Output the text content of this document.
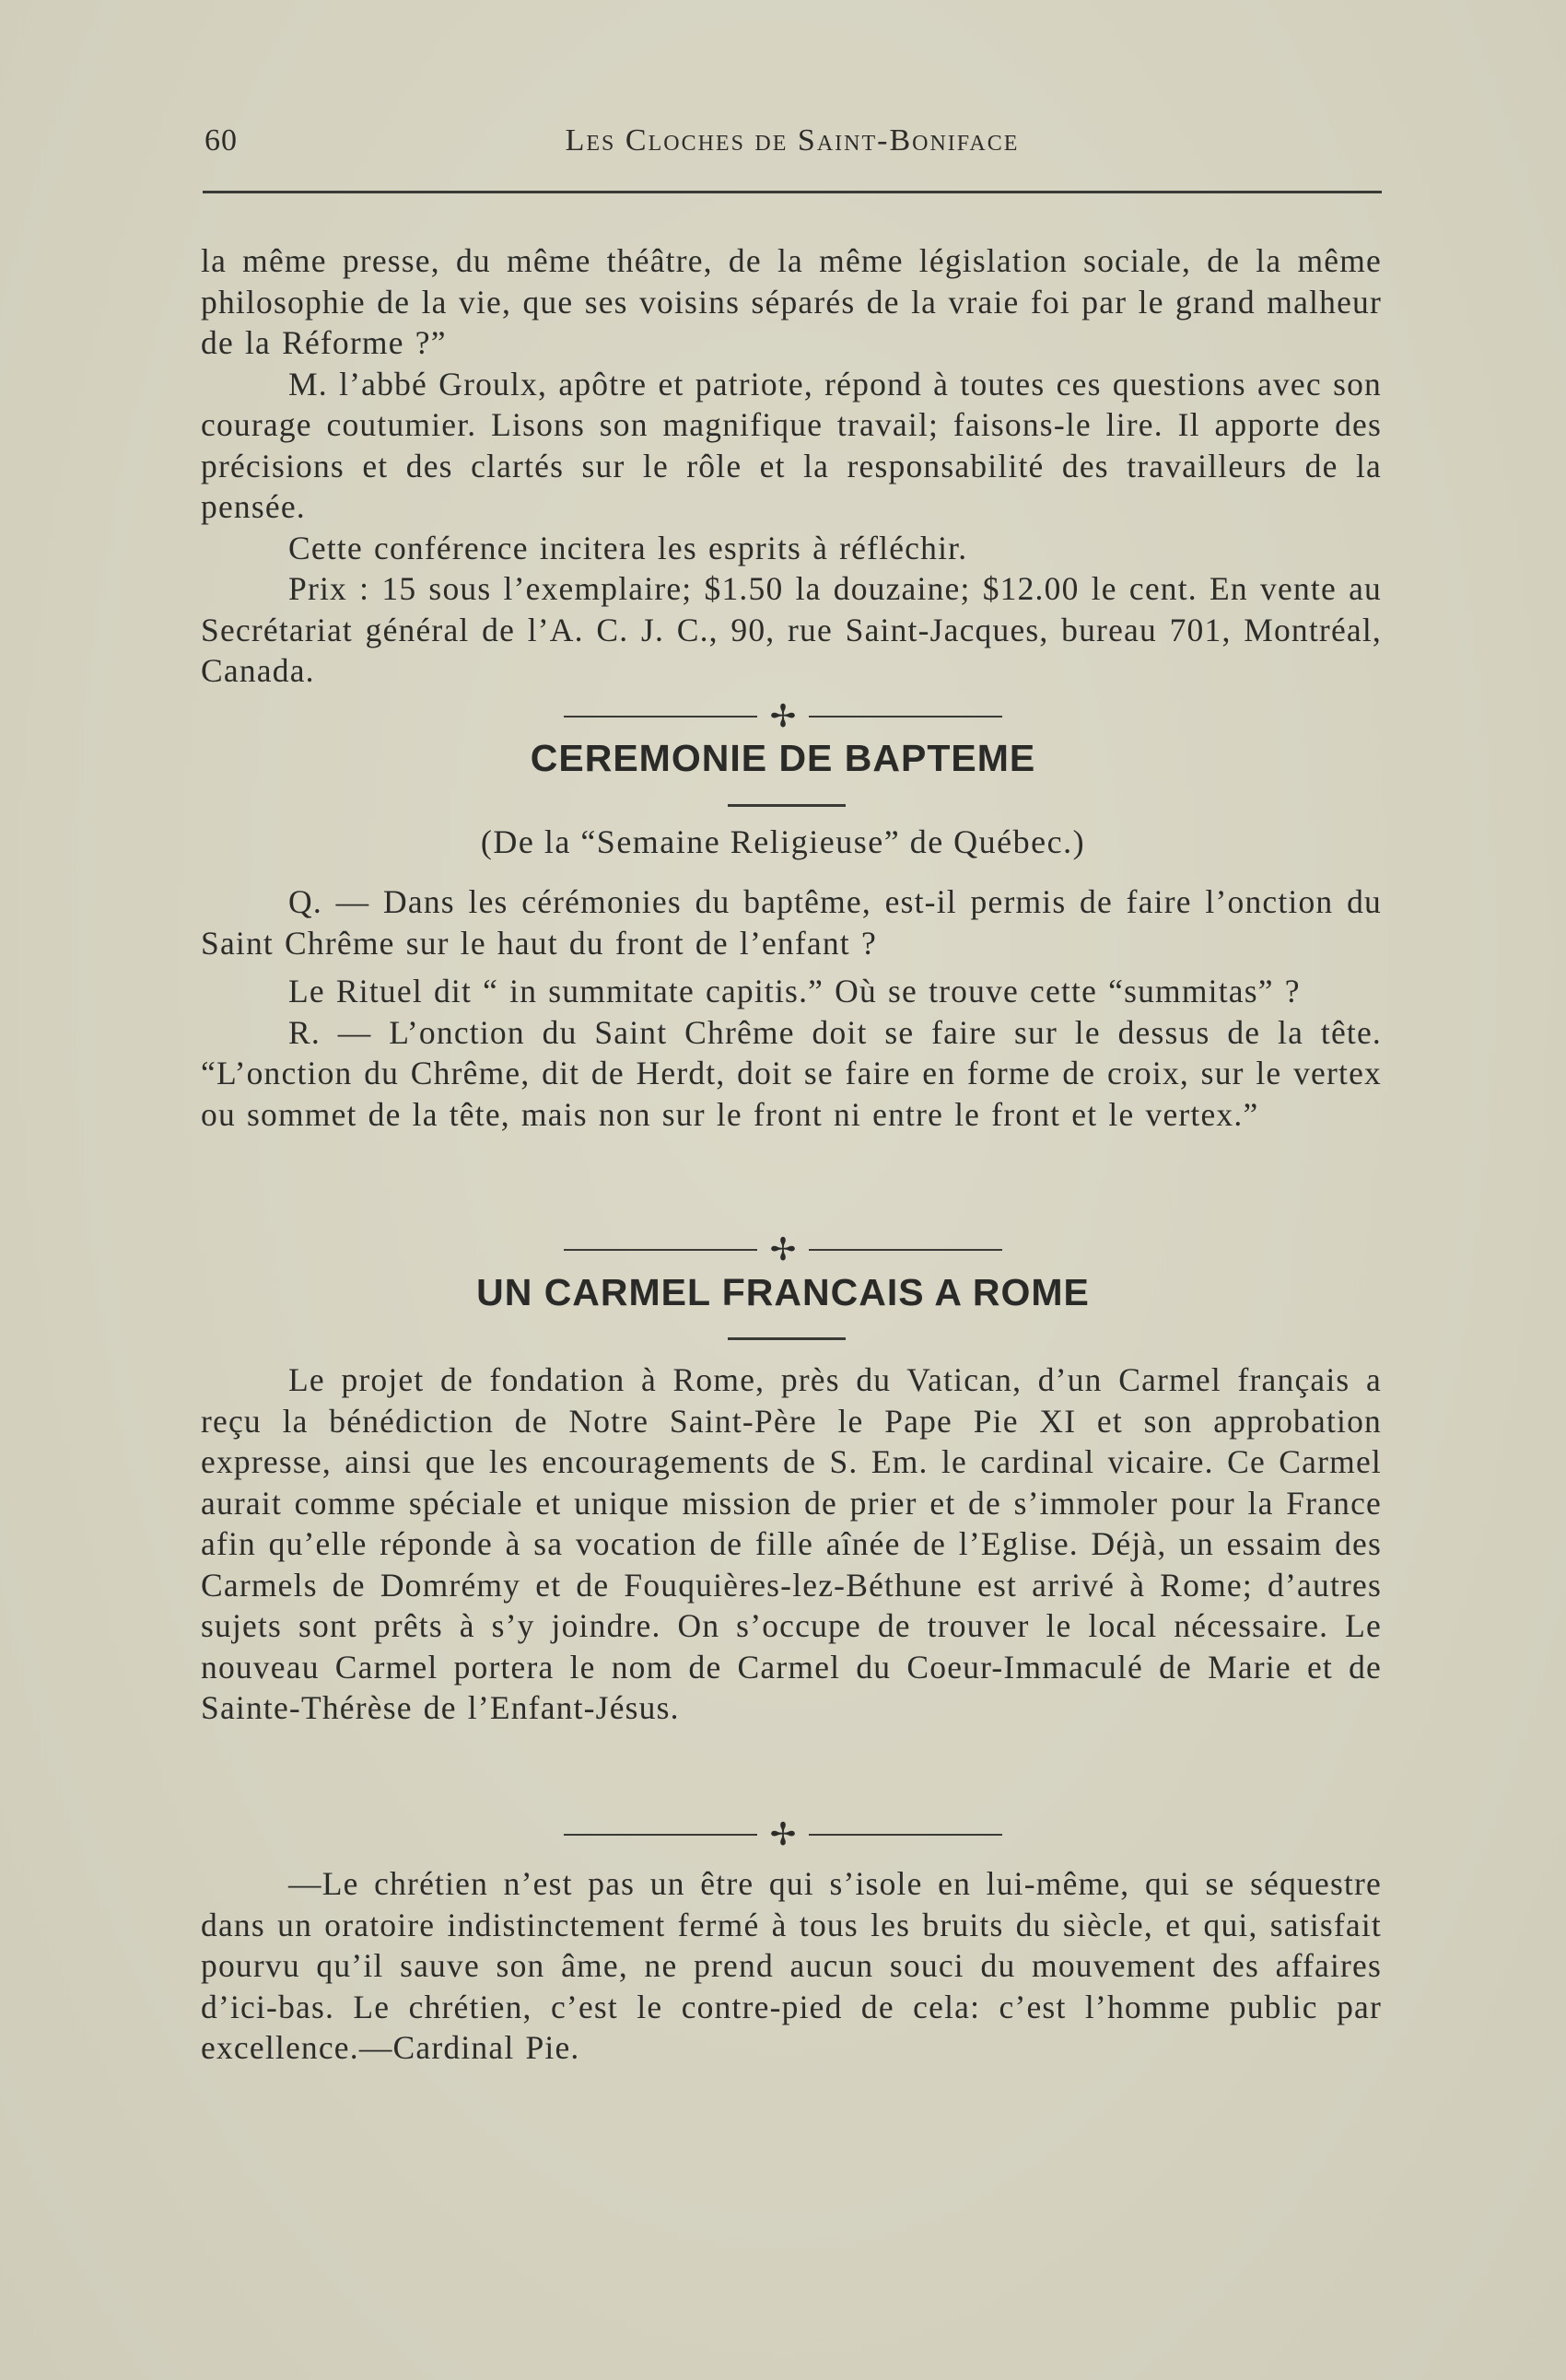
60	Les Cloches de Saint-Boniface

la même presse, du même théâtre, de la même législation sociale, de la même philosophie de la vie, que ses voisins séparés de la vraie foi par le grand malheur de la Réforme ?”

M. l’abbé Groulx, apôtre et patriote, répond à toutes ces questions avec son courage coutumier. Lisons son magnifique travail; faisons-le lire. Il apporte des précisions et des clartés sur le rôle et la responsabilité des travailleurs de la pensée.

Cette conférence incitera les esprits à réfléchir.

Prix : 15 sous l’exemplaire; $1.50 la douzaine; $12.00 le cent. En vente au Secrétariat général de l’A. C. J. C., 90, rue Saint-Jacques, bureau 701, Montréal, Canada.

✢
CEREMONIE DE BAPTEME
(De la “Semaine Religieuse” de Québec.)

Q. — Dans les cérémonies du baptême, est-il permis de faire l’onction du Saint Chrême sur le haut du front de l’enfant ?

Le Rituel dit “ in summitate capitis.” Où se trouve cette “summitas” ?

R. — L’onction du Saint Chrême doit se faire sur le dessus de la tête. “L’onction du Chrême, dit de Herdt, doit se faire en forme de croix, sur le vertex ou sommet de la tête, mais non sur le front ni entre le front et le vertex.”

✢
UN CARMEL FRANCAIS A ROME

Le projet de fondation à Rome, près du Vatican, d’un Carmel français a reçu la bénédiction de Notre Saint-Père le Pape Pie XI et son approbation expresse, ainsi que les encouragements de S. Em. le cardinal vicaire. Ce Carmel aurait comme spéciale et unique mission de prier et de s’immoler pour la France afin qu’elle réponde à sa vocation de fille aînée de l’Eglise. Déjà, un essaim des Carmels de Domrémy et de Fouquières-lez-Béthune est arrivé à Rome; d’autres sujets sont prêts à s’y joindre. On s’occupe de trouver le local nécessaire. Le nouveau Carmel portera le nom de Carmel du Coeur-Immaculé de Marie et de Sainte-Thérèse de l’Enfant-Jésus.

✢

—Le chrétien n’est pas un être qui s’isole en lui-même, qui se séquestre dans un oratoire indistinctement fermé à tous les bruits du siècle, et qui, satisfait pourvu qu’il sauve son âme, ne prend aucun souci du mouvement des affaires d’ici-bas. Le chrétien, c’est le contre-pied de cela: c’est l’homme public par excellence.—Cardinal Pie.
